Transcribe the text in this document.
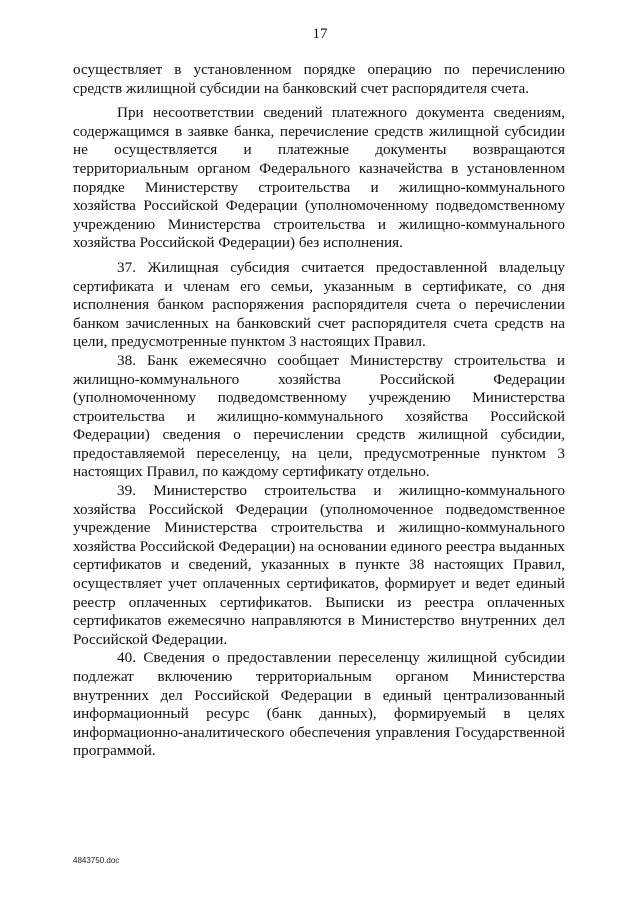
17

осуществляет в установленном порядке операцию по перечислению средств жилищной субсидии на банковский счет распорядителя счета.

При несоответствии сведений платежного документа сведениям, содержащимся в заявке банка, перечисление средств жилищной субсидии не осуществляется и платежные документы возвращаются территориальным органом Федерального казначейства в установленном порядке Министерству строительства и жилищно-коммунального хозяйства Российской Федерации (уполномоченному подведомственному учреждению Министерства строительства и жилищно-коммунального хозяйства Российской Федерации) без исполнения.

37. Жилищная субсидия считается предоставленной владельцу сертификата и членам его семьи, указанным в сертификате, со дня исполнения банком распоряжения распорядителя счета о перечислении банком зачисленных на банковский счет распорядителя счета средств на цели, предусмотренные пунктом 3 настоящих Правил.

38. Банк ежемесячно сообщает Министерству строительства и жилищно-коммунального хозяйства Российской Федерации (уполномоченному подведомственному учреждению Министерства строительства и жилищно-коммунального хозяйства Российской Федерации) сведения о перечислении средств жилищной субсидии, предоставляемой переселенцу, на цели, предусмотренные пунктом 3 настоящих Правил, по каждому сертификату отдельно.

39. Министерство строительства и жилищно-коммунального хозяйства Российской Федерации (уполномоченное подведомственное учреждение Министерства строительства и жилищно-коммунального хозяйства Российской Федерации) на основании единого реестра выданных сертификатов и сведений, указанных в пункте 38 настоящих Правил, осуществляет учет оплаченных сертификатов, формирует и ведет единый реестр оплаченных сертификатов. Выписки из реестра оплаченных сертификатов ежемесячно направляются в Министерство внутренних дел Российской Федерации.

40. Сведения о предоставлении переселенцу жилищной субсидии подлежат включению территориальным органом Министерства внутренних дел Российской Федерации в единый централизованный информационный ресурс (банк данных), формируемый в целях информационно-аналитического обеспечения управления Государственной программой.

4843750.doc
